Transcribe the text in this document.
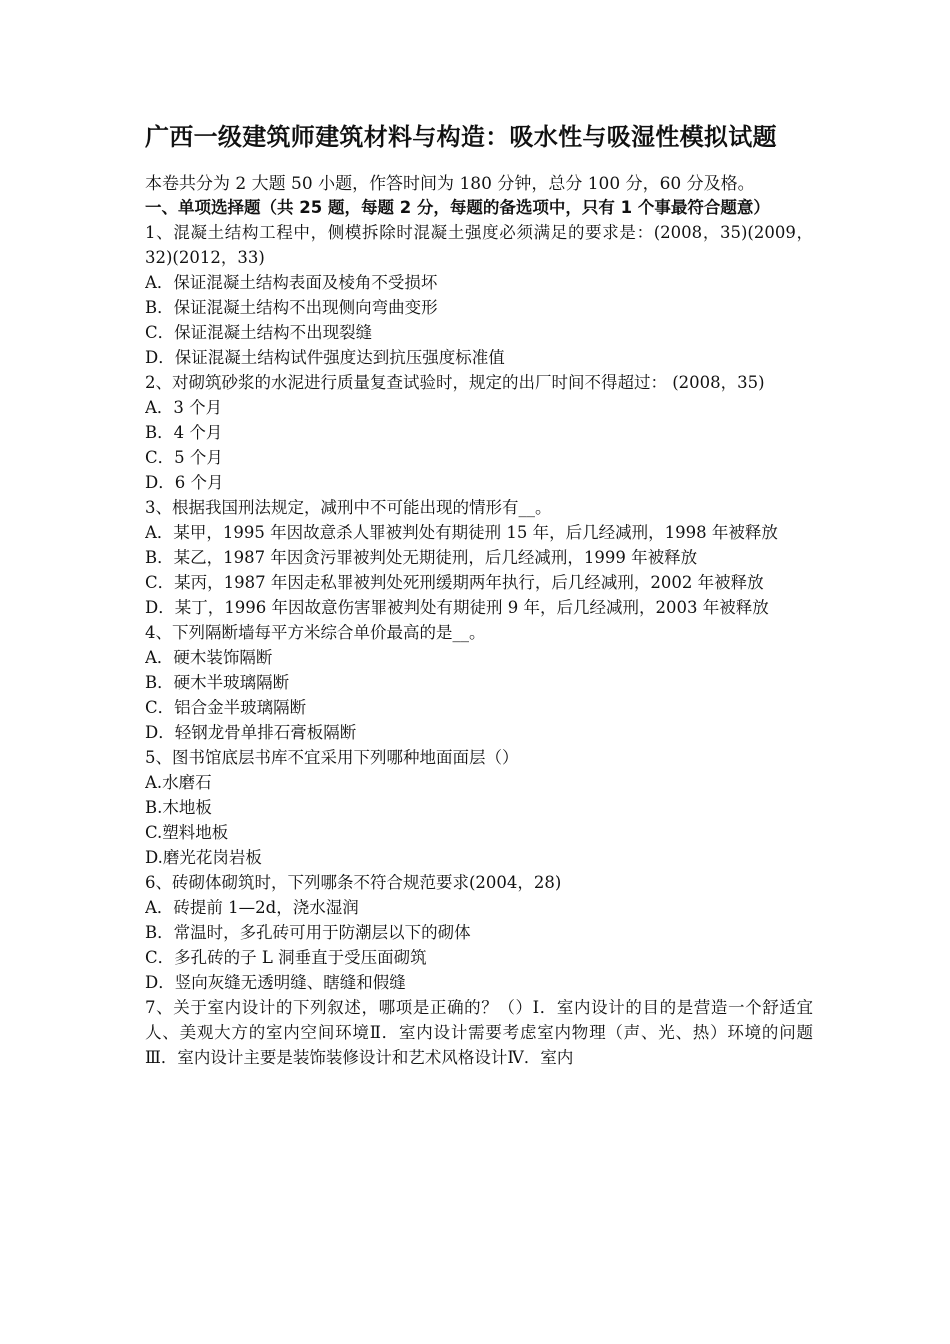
广西一级建筑师建筑材料与构造：吸水性与吸湿性模拟试题
本卷共分为 2 大题 50 小题，作答时间为 180 分钟，总分 100 分，60 分及格。
一、单项选择题（共 25 题，每题 2 分，每题的备选项中，只有 1 个事最符合题意）
1、混凝土结构工程中，侧模拆除时混凝土强度必须满足的要求是：(2008，35)(2009，32)(2012，33)
A．保证混凝土结构表面及棱角不受损坏
B．保证混凝土结构不出现侧向弯曲变形
C．保证混凝土结构不出现裂缝
D．保证混凝土结构试件强度达到抗压强度标准值
2、对砌筑砂浆的水泥进行质量复查试验时，规定的出厂时间不得超过： (2008，35)
A．3 个月
B．4 个月
C．5 个月
D．6 个月
3、根据我国刑法规定，减刑中不可能出现的情形有__。
A．某甲，1995 年因故意杀人罪被判处有期徒刑 15 年，后几经减刑，1998 年被释放
B．某乙，1987 年因贪污罪被判处无期徒刑，后几经减刑，1999 年被释放
C．某丙，1987 年因走私罪被判处死刑缓期两年执行，后几经减刑，2002 年被释放
D．某丁，1996 年因故意伤害罪被判处有期徒刑 9 年，后几经减刑，2003 年被释放
4、下列隔断墙每平方米综合单价最高的是__。
A．硬木装饰隔断
B．硬木半玻璃隔断
C．铝合金半玻璃隔断
D．轻钢龙骨单排石膏板隔断
5、图书馆底层书库不宜采用下列哪种地面面层（）
A.水磨石
B.木地板
C.塑料地板
D.磨光花岗岩板
6、砖砌体砌筑时，下列哪条不符合规范要求(2004，28)
A．砖提前 1—2d，浇水湿润
B．常温时，多孔砖可用于防潮层以下的砌体
C．多孔砖的子 L 洞垂直于受压面砌筑
D．竖向灰缝无透明缝、瞎缝和假缝
7、关于室内设计的下列叙述，哪项是正确的？（）Ⅰ．室内设计的目的是营造一个舒适宜人、美观大方的室内空间环境Ⅱ．室内设计需要考虑室内物理（声、光、热）环境的问题Ⅲ．室内设计主要是装饰装修设计和艺术风格设计Ⅳ．室内
